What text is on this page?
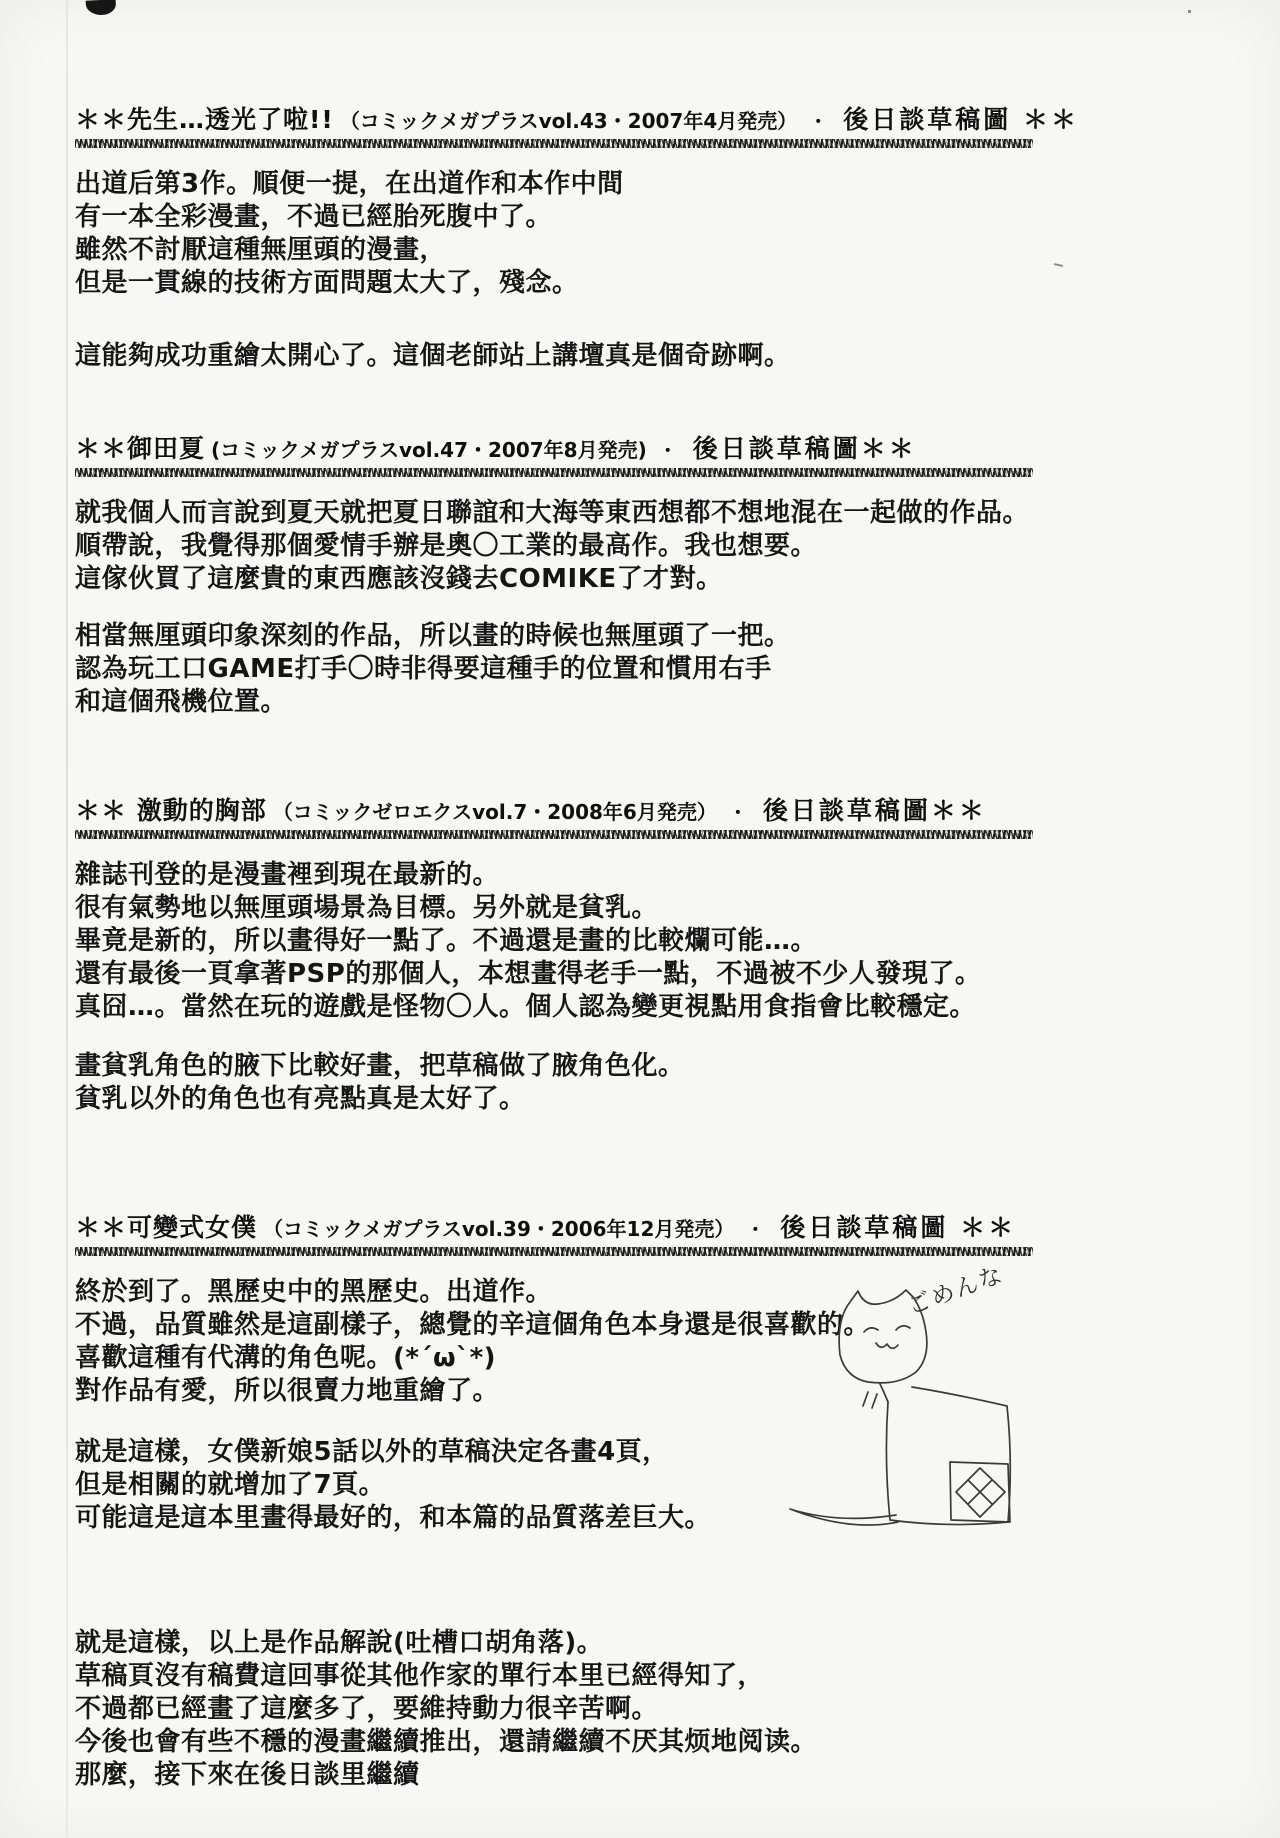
＊＊先生…透光了啦!! （コミックメガプラスvol.43・2007年4月発売） ・ 後日談草稿圖 ＊＊
出道后第3作。順便一提，在出道作和本作中間
有一本全彩漫畫，不過已經胎死腹中了。
雖然不討厭這種無厘頭的漫畫，
但是一貫線的技術方面問題太大了，殘念。
這能夠成功重繪太開心了。這個老師站上講壇真是個奇跡啊。
＊＊御田夏 (コミックメガプラスvol.47・2007年8月発売) ・ 後日談草稿圖＊＊
就我個人而言說到夏天就把夏日聯誼和大海等東西想都不想地混在一起做的作品。
順帶說，我覺得那個愛情手辦是奧〇工業的最高作。我也想要。
這傢伙買了這麼貴的東西應該沒錢去COMIKE了才對。
相當無厘頭印象深刻的作品，所以畫的時候也無厘頭了一把。
認為玩工口GAME打手〇時非得要這種手的位置和慣用右手
和這個飛機位置。
＊＊ 激動的胸部 （コミックゼロエクスvol.7・2008年6月発売） ・ 後日談草稿圖＊＊
雜誌刊登的是漫畫裡到現在最新的。
很有氣勢地以無厘頭場景為目標。另外就是貧乳。
畢竟是新的，所以畫得好一點了。不過還是畫的比較爛可能…。
還有最後一頁拿著PSP的那個人，本想畫得老手一點，不過被不少人發現了。
真囧…。當然在玩的遊戲是怪物〇人。個人認為變更視點用食指會比較穩定。
畫貧乳角色的腋下比較好畫，把草稿做了腋角色化。
貧乳以外的角色也有亮點真是太好了。
＊＊可變式女僕 （コミックメガプラスvol.39・2006年12月発売） ・ 後日談草稿圖 ＊＊
終於到了。黑歷史中的黑歷史。出道作。
不過，品質雖然是這副樣子，總覺的辛這個角色本身還是很喜歡的。
喜歡這種有代溝的角色呢。(*´ω`*)
對作品有愛，所以很賣力地重繪了。
就是這樣，女僕新娘5話以外的草稿決定各畫4頁，
但是相關的就增加了7頁。
可能這是這本里畫得最好的，和本篇的品質落差巨大。
就是這樣，以上是作品解說(吐槽口胡角落)。
草稿頁沒有稿費這回事從其他作家的單行本里已經得知了，
不過都已經畫了這麼多了，要維持動力很辛苦啊。
今後也會有些不穩的漫畫繼續推出，還請繼續不厌其烦地阅读。
那麼，接下來在後日談里繼續
ごめんな
